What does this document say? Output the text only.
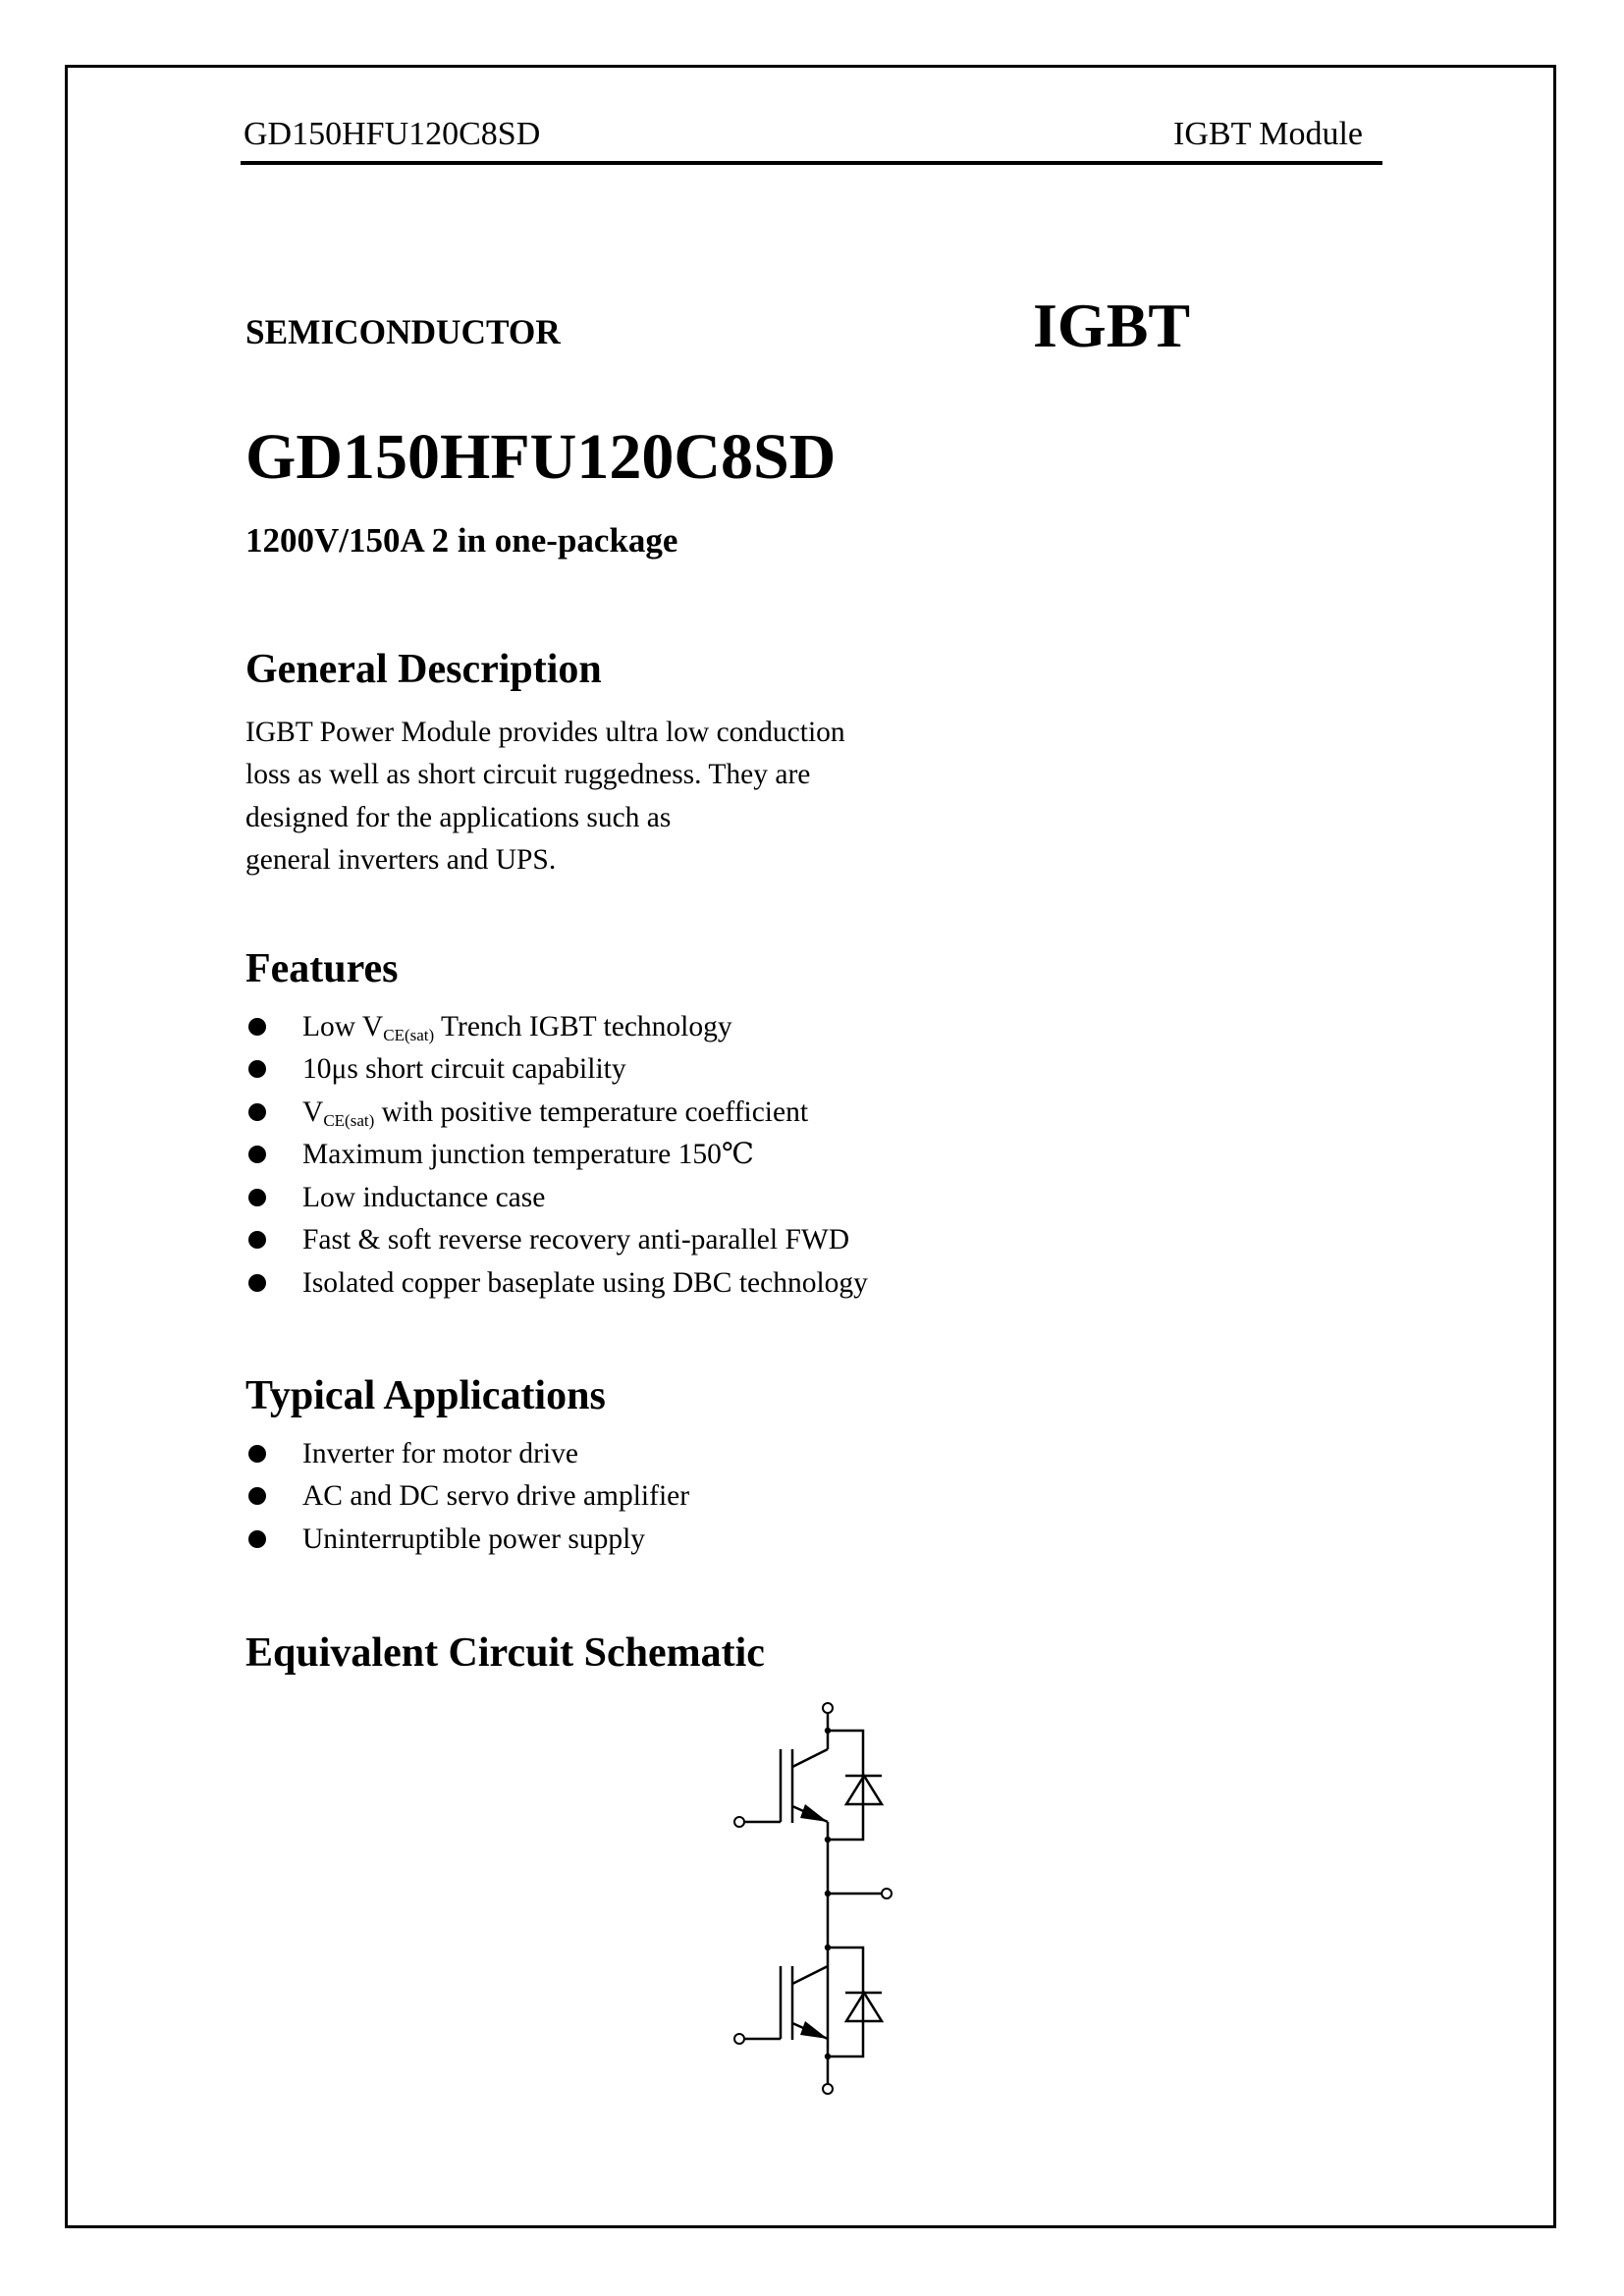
GD150HFU120C8SD	IGBT Module
SEMICONDUCTOR	IGBT
GD150HFU120C8SD
1200V/150A 2 in one-package
General Description
IGBT Power Module provides ultra low conduction
loss as well as short circuit ruggedness. They are
designed for the applications such as
general inverters and UPS.
Features
Low $V_{CE(sat)}$ Trench IGBT technology
10μs short circuit capability
$V_{CE(sat)}$ with positive temperature coefficient
Maximum junction temperature 150℃
Low inductance case
Fast & soft reverse recovery anti-parallel FWD
Isolated copper baseplate using DBC technology
Typical Applications
Inverter for motor drive
AC and DC servo drive amplifier
Uninterruptible power supply
Equivalent Circuit Schematic
